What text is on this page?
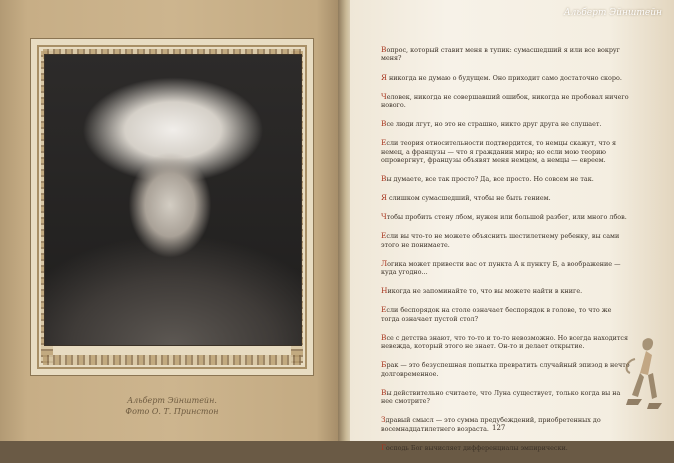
Альберт Эйнштейн.
Фото О. Т. Принстон
Альберт Эйнштейн

Вопрос, который ставит меня в тупик: сумасшедший я или все вокруг меня?

Я никогда не думаю о будущем. Оно приходит само достаточно скоро.

Человек, никогда не совершавший ошибок, никогда не пробовал ничего нового.

Все люди лгут, но это не страшно, никто друг друга не слушает.

Если теория относительности подтвердится, то немцы скажут, что я немец, а французы — что я гражданин мира; но если мою теорию опровергнут, французы объявят меня немцем, а немцы — евреем.

Вы думаете, все так просто? Да, все просто. Но совсем не так.

Я слишком сумасшедший, чтобы не быть гением.

Чтобы пробить стену лбом, нужен или большой разбег, или много лбов.

Если вы что-то не можете объяснить шестилетнему ребенку, вы сами этого не понимаете.

Логика может привести вас от пункта А к пункту Б, а воображение — куда угодно...

Никогда не запоминайте то, что вы можете найти в книге.

Если беспорядок на столе означает беспорядок в голове, то что же тогда означает пустой стол?

Все с детства знают, что то-то и то-то невозможно. Но всегда находится невежда, который этого не знает. Он-то и делает открытие.

Брак — это безуспешная попытка превратить случайный эпизод в нечто долговременное.

Вы действительно считаете, что Луна существует, только когда вы на нее смотрите?

Здравый смысл — это сумма предубеждений, приобретенных до восемнадцатилетнего возраста.

Господь Бог вычисляет дифференциалы эмпирически.

127
